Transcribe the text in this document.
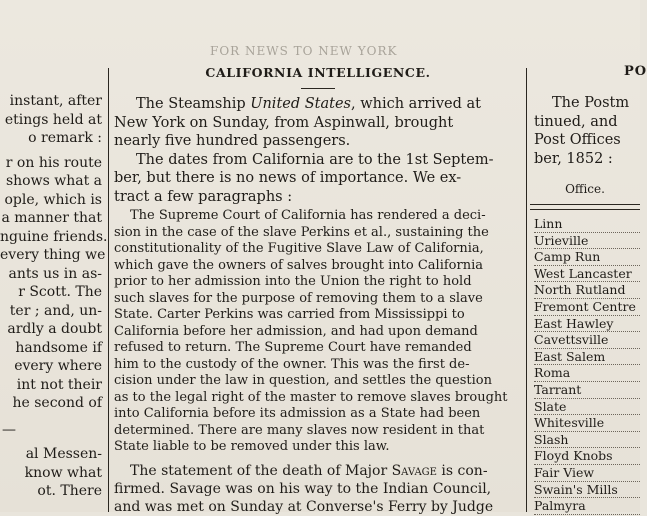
FOR NEWS TO NEW YORK
instant, after
etings held at
o remark :
r on his route
shows what a
ople, which is
a manner that
nguine friends.
every thing we
ants us in as-
r Scott. The
ter ; and, un-
ardly a doubt
handsome if
every where
int not their
he second of
—
al Messen-
know what
ot. There
CALIFORNIA INTELLIGENCE.
The Steamship United States, which arrived at
New York on Sunday, from Aspinwall, brought
nearly five hundred passengers.
The dates from California are to the 1st Septem-
ber, but there is no news of importance. We ex-
tract a few paragraphs :
The Supreme Court of California has rendered a deci-
sion in the case of the slave Perkins et al., sustaining the
constitutionality of the Fugitive Slave Law of California,
which gave the owners of salves brought into California
prior to her admission into the Union the right to hold
such slaves for the purpose of removing them to a slave
State. Carter Perkins was carried from Mississippi to
California before her admission, and had upon demand
refused to return. The Supreme Court have remanded
him to the custody of the owner. This was the first de-
cision under the law in question, and settles the question
as to the legal right of the master to remove slaves brought
into California before its admission as a State had been
determined. There are many slaves now resident in that
State liable to be removed under this law.
The statement of the death of Major Savage is con-
firmed. Savage was on his way to the Indian Council,
and was met on Sunday at Converse's Ferry by Judge
PO
The Postm
tinued, and
Post Offices
ber, 1852 :
Office.
Linn
Urieville
Camp Run
West Lancaster
North Rutland
Fremont Centre
East Hawley
Cavettsville
East Salem
Roma
Tarrant
Slate
Whitesville
Slash
Floyd Knobs
Fair View
Swain's Mills
Palmyra
